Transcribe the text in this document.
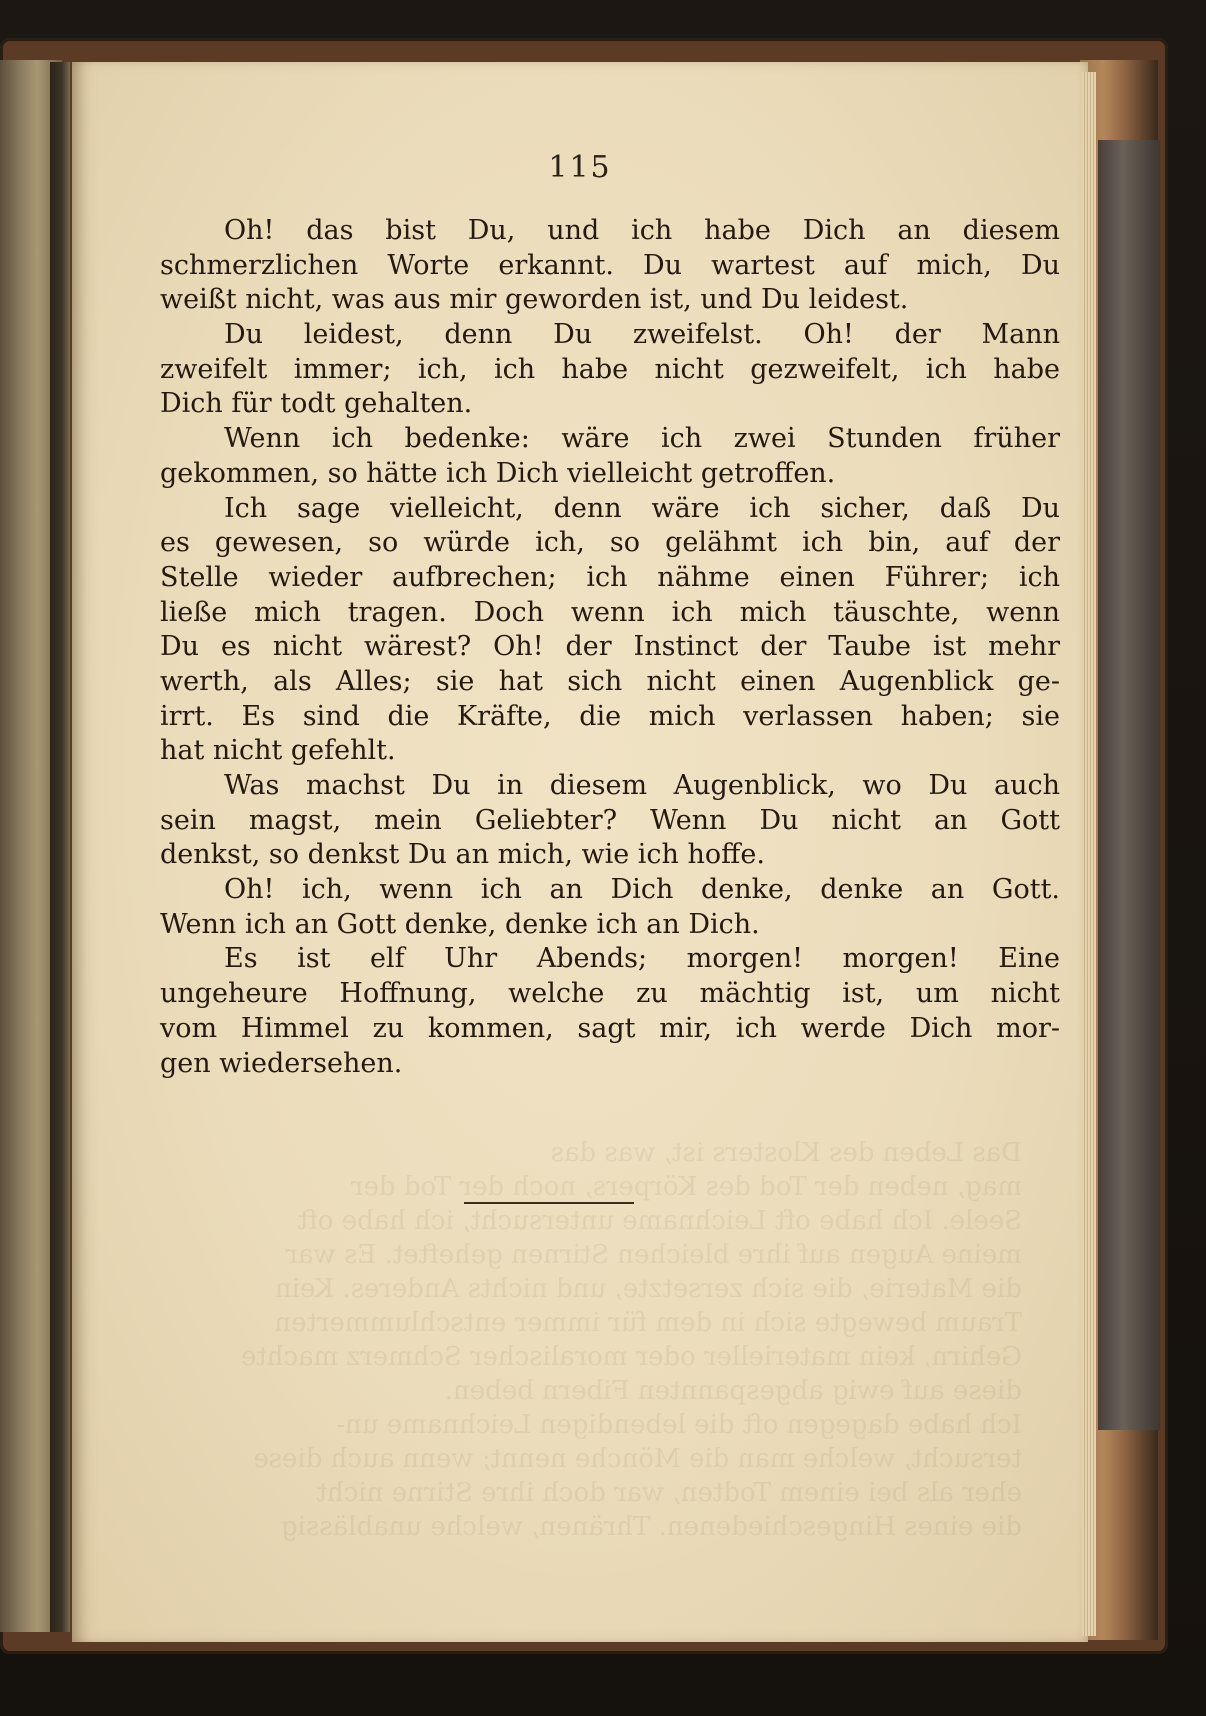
Das Leben des Klosters ist, was das
mag, neben der Tod des Körpers, noch der Tod der
Seele. Ich habe oft Leichname untersucht, ich habe oft
meine Augen auf ihre bleichen Stirnen geheftet. Es war
die Materie, die sich zersetzte, und nichts Anderes. Kein
Traum bewegte sich in dem für immer entschlummerten
Gehirn, kein materieller oder moralischer Schmerz machte
diese auf ewig abgespannten Fibern beben.
Ich habe dagegen oft die lebendigen Leichname un-
tersucht, welche man die Mönche nennt; wenn auch diese
eher als bei einem Todten, war doch ihre Stirne nicht
die eines Hingeschiedenen. Thränen, welche unablässig
115
Oh! das bist Du, und ich habe Dich an diesem
schmerzlichen Worte erkannt. Du wartest auf mich, Du
weißt nicht, was aus mir geworden ist, und Du leidest.
Du leidest, denn Du zweifelst. Oh! der Mann
zweifelt immer; ich, ich habe nicht gezweifelt, ich habe
Dich für todt gehalten.
Wenn ich bedenke: wäre ich zwei Stunden früher
gekommen, so hätte ich Dich vielleicht getroffen.
Ich sage vielleicht, denn wäre ich sicher, daß Du
es gewesen, so würde ich, so gelähmt ich bin, auf der
Stelle wieder aufbrechen; ich nähme einen Führer; ich
ließe mich tragen. Doch wenn ich mich täuschte, wenn
Du es nicht wärest? Oh! der Instinct der Taube ist mehr
werth, als Alles; sie hat sich nicht einen Augenblick ge-
irrt. Es sind die Kräfte, die mich verlassen haben; sie
hat nicht gefehlt.
Was machst Du in diesem Augenblick, wo Du auch
sein magst, mein Geliebter? Wenn Du nicht an Gott
denkst, so denkst Du an mich, wie ich hoffe.
Oh! ich, wenn ich an Dich denke, denke an Gott.
Wenn ich an Gott denke, denke ich an Dich.
Es ist elf Uhr Abends; morgen! morgen! Eine
ungeheure Hoffnung, welche zu mächtig ist, um nicht
vom Himmel zu kommen, sagt mir, ich werde Dich mor-
gen wiedersehen.
